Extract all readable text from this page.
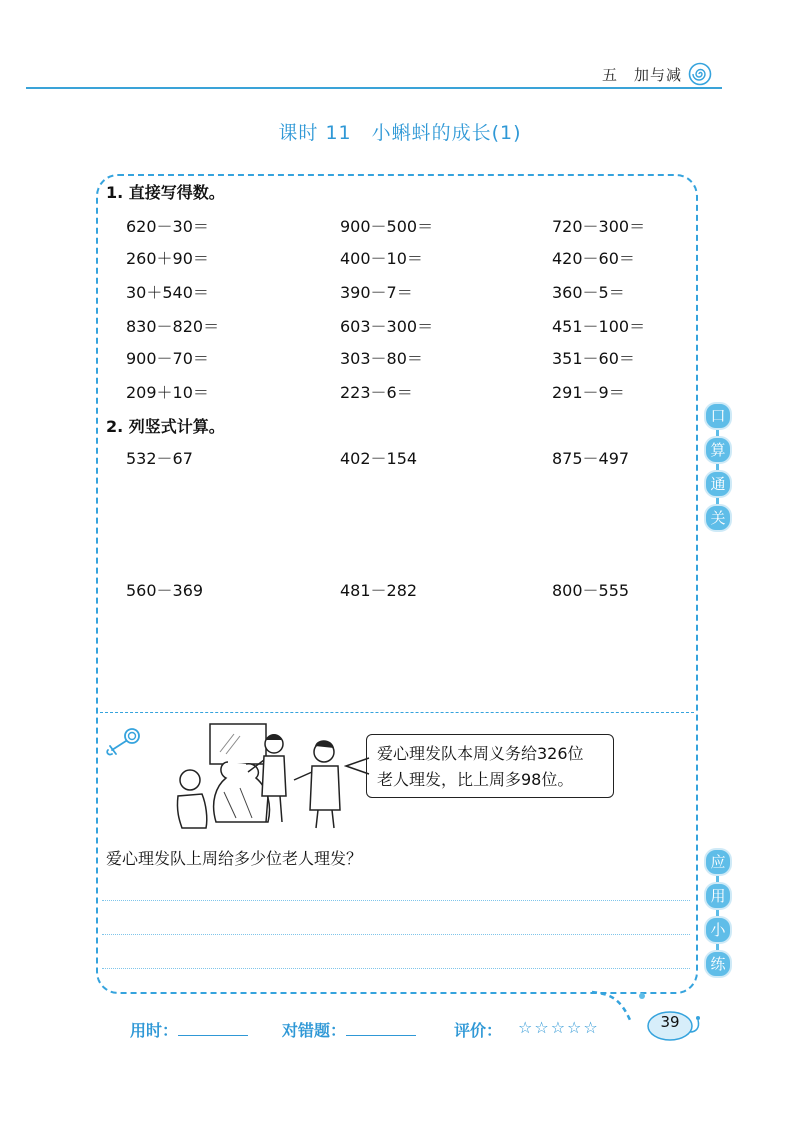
五　加与减
课时 11　小蝌蚪的成长(1)
1. 直接写得数。
620－30＝	900－500＝	720－300＝
260＋90＝	400－10＝	420－60＝
30＋540＝	390－7＝	360－5＝
830－820＝	603－300＝	451－100＝
900－70＝	303－80＝	351－60＝
209＋10＝	223－6＝	291－9＝
2. 列竖式计算。
532－67	402－154	875－497
560－369	481－282	800－555
口
算
通
关
爱心理发队本周义务给326位
老人理发，比上周多98位。
爱心理发队上周给多少位老人理发？	应
用
小
练
用时：	对错题：	评价： ☆☆☆☆☆	39
